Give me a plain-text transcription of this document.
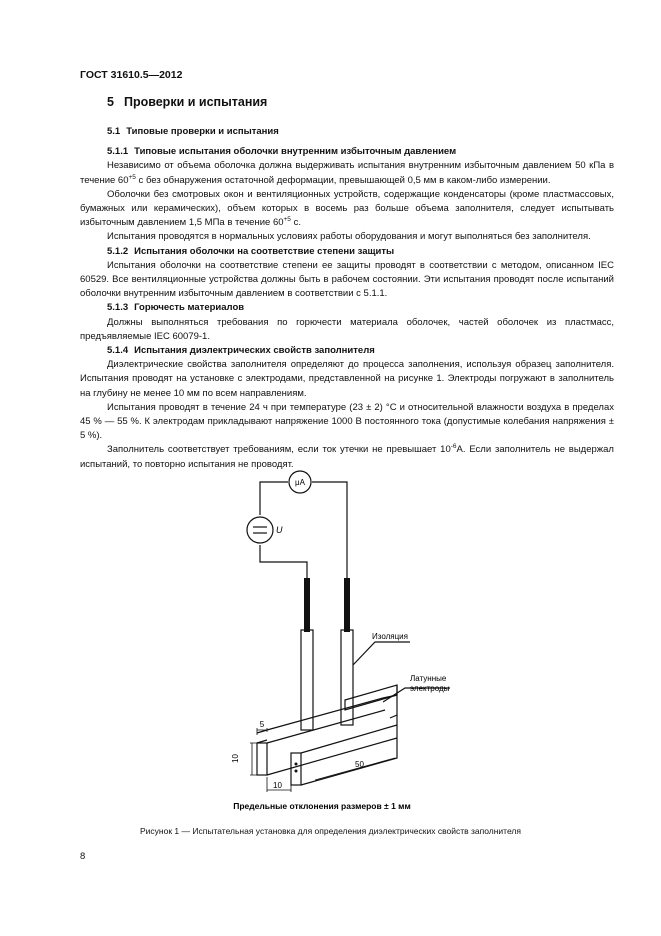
ГОСТ 31610.5—2012
5 Проверки и испытания
5.1 Типовые проверки и испытания
5.1.1 Типовые испытания оболочки внутренним избыточным давлением

Независимо от объема оболочка должна выдерживать испытания внутренним избыточным давлением 50 кПа в течение $60^{+5}$ с без обнаружения остаточной деформации, превышающей 0,5 мм в каком-либо измерении.

Оболочки без смотровых окон и вентиляционных устройств, содержащие конденсаторы (кроме пластмассовых, бумажных или керамических), объем которых в восемь раз больше объема заполнителя, следует испытывать избыточным давлением 1,5 МПа в течение $60^{+5}$ с.

Испытания проводятся в нормальных условиях работы оборудования и могут выполняться без заполнителя.

5.1.2 Испытания оболочки на соответствие степени защиты

Испытания оболочки на соответствие степени ее защиты проводят в соответствии с методом, описанном IEC 60529. Все вентиляционные устройства должны быть в рабочем состоянии. Эти испытания проводят после испытаний оболочки внутренним избыточным давлением в соответствии с 5.1.1.

5.1.3 Горючесть материалов

Должны выполняться требования по горючести материала оболочек, частей оболочек из пластмасс, предъявляемые IEC 60079-1.

5.1.4 Испытания диэлектрических свойств заполнителя

Диэлектрические свойства заполнителя определяют до процесса заполнения, используя образец заполнителя. Испытания проводят на установке с электродами, представленной на рисунке 1. Электроды погружают в заполнитель на глубину не менее 10 мм по всем направлениям.

Испытания проводят в течение 24 ч при температуре (23 ± 2) °С и относительной влажности воздуха в пределах 45 % — 55 %. К электродам прикладывают напряжение 1000 В постоянного тока (допустимые колебания напряжения ± 5 %).

Заполнитель соответствует требованиям, если ток утечки не превышает $10^{-6}А$. Если заполнитель не выдержал испытаний, то повторно испытания не проводят.

μA
U
Изоляция
Латунные
электроды
5
10
10
50
Предельные отклонения размеров ± 1 мм
Рисунок 1 — Испытательная установка для определения диэлектрических свойств заполнителя
8
